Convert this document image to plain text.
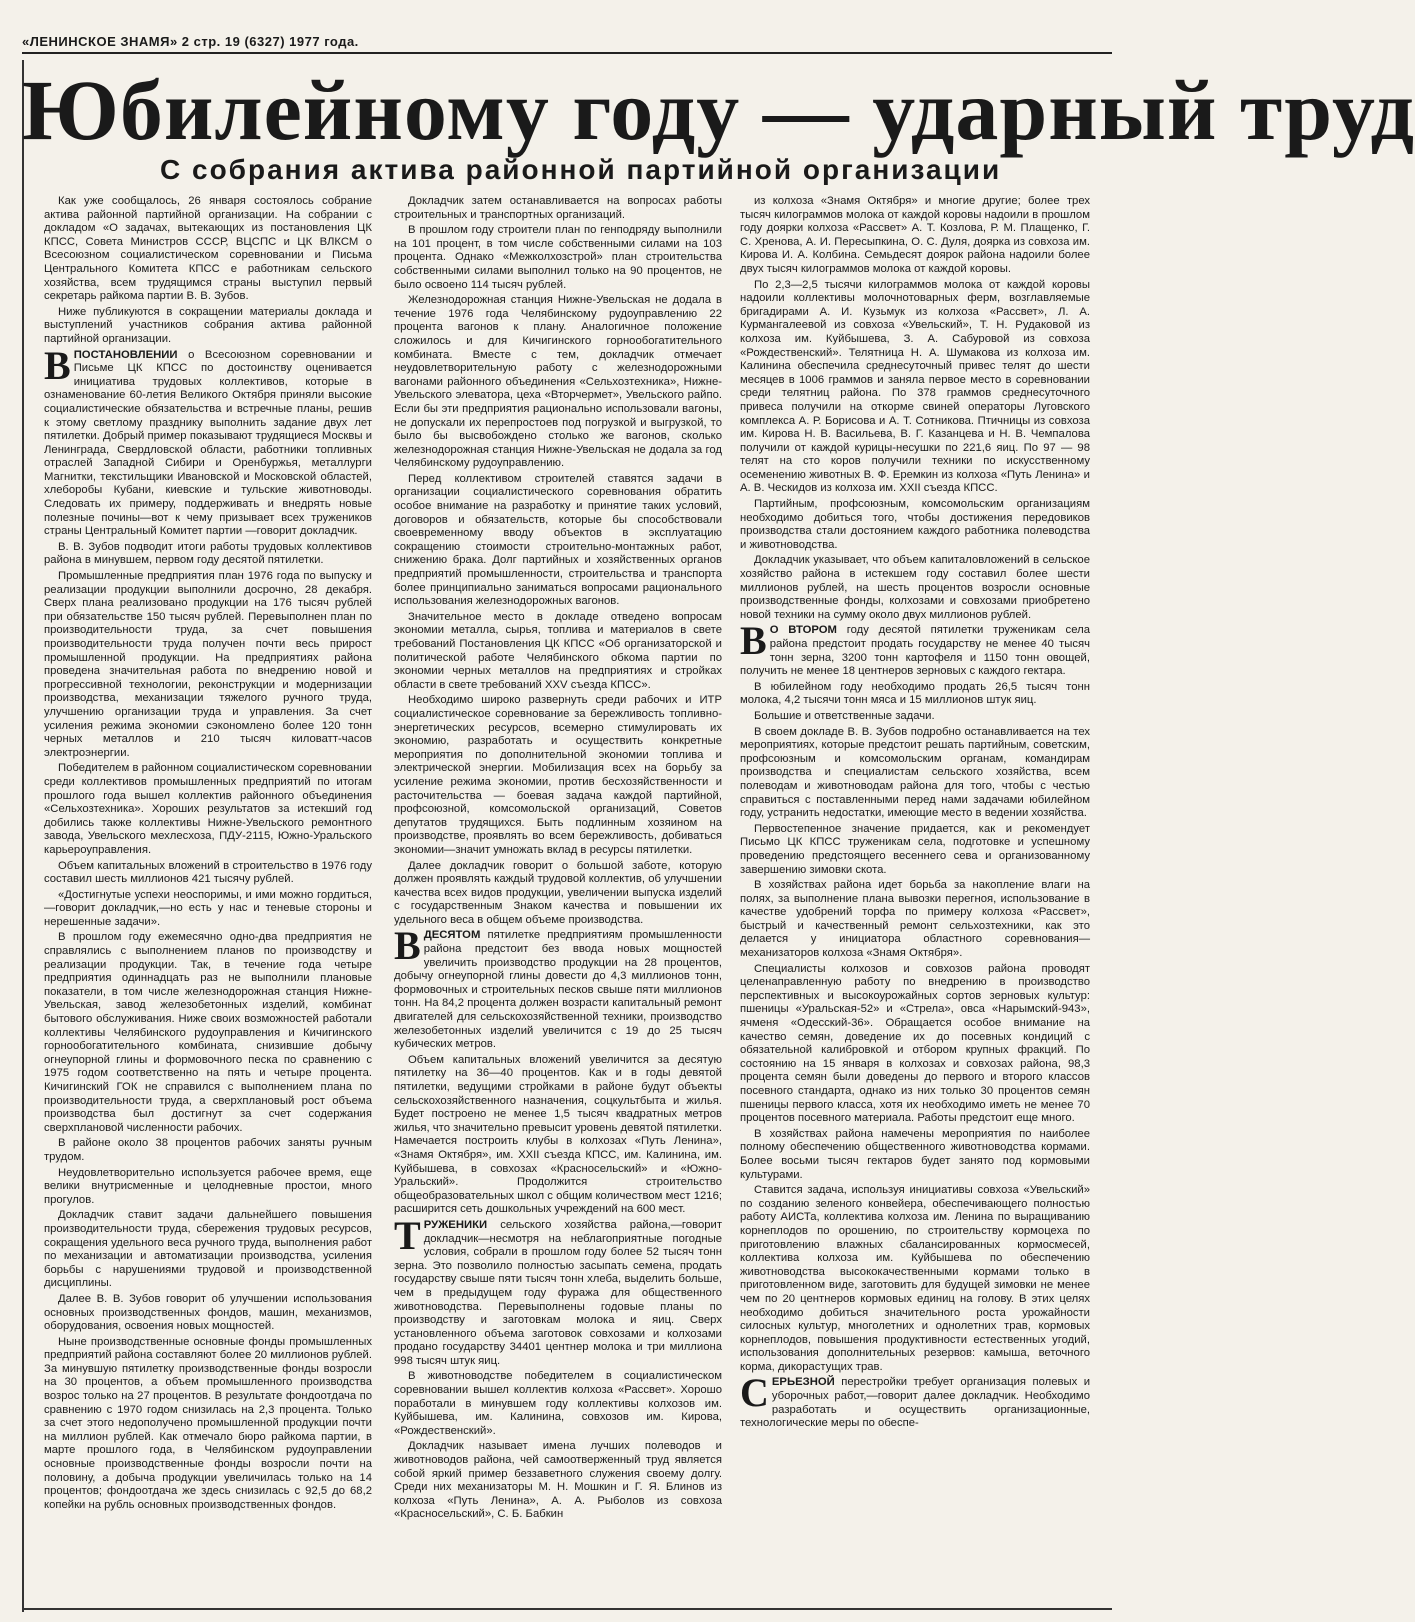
«ЛЕНИНСКОЕ ЗНАМЯ» 2 стр. 19 (6327) 1977 года.
Юбилейному году — ударный труд
С собрания актива районной партийной организации

Как уже сообщалось, 26 января состоялось собрание актива районной партийной организации. На собрании с докладом «О задачах, вытекающих из постановления ЦК КПСС, Совета Министров СССР, ВЦСПС и ЦК ВЛКСМ о Всесоюзном социалистическом соревновании и Письма Центрального Комитета КПСС е работникам сельского хозяйства, всем трудящимся страны выступил первый секретарь райкома партии В. В. Зубов.

Ниже публикуются в сокращении материалы доклада и выступлений участников собрания актива районной партийной организации.

ВПОСТАНОВЛЕНИИ о Всесоюзном соревновании и Письме ЦК КПСС по достоинству оценивается инициатива трудовых коллективов, которые в ознаменование 60-летия Великого Октября приняли высокие социалистические обязательства и встречные планы, решив к этому светлому празднику выполнить задание двух лет пятилетки. Добрый пример показывают трудящиеся Москвы и Ленинграда, Свердловской области, работники топливных отраслей Западной Сибири и Оренбуржья, металлурги Магнитки, текстильщики Ивановской и Московской областей, хлеборобы Кубани, киевские и тульские животноводы. Следовать их примеру, поддерживать и внедрять новые полезные почины—вот к чему призывает всех тружеников страны Центральный Комитет партии —говорит докладчик.

В. В. Зубов подводит итоги работы трудовых коллективов района в минувшем, первом году десятой пятилетки.

Промышленные предприятия план 1976 года по выпуску и реализации продукции выполнили досрочно, 28 декабря. Сверх плана реализовано продукции на 176 тысяч рублей при обязательстве 150 тысяч рублей. Перевыполнен план по производительности труда, за счет повышения производительности труда получен почти весь прирост промышленной продукции. На предприятиях района проведена значительная работа по внедрению новой и прогрессивной технологии, реконструкции и модернизации производства, механизации тяжелого ручного труда, улучшению организации труда и управления. За счет усиления режима экономии сэкономлено более 120 тонн черных металлов и 210 тысяч киловатт-часов электроэнергии.

Победителем в районном социалистическом соревновании среди коллективов промышленных предприятий по итогам прошлого года вышел коллектив районного объединения «Сельхозтехника». Хороших результатов за истекший год добились также коллективы Нижне-Увельского ремонтного завода, Увельского мехлесхоза, ПДУ-2115, Южно-Уральского карьероуправления.

Объем капитальных вложений в строительство в 1976 году составил шесть миллионов 421 тысячу рублей.

«Достигнутые успехи неоспоримы, и ими можно гордиться,—говорит докладчик,—но есть у нас и теневые стороны и нерешенные задачи».

В прошлом году ежемесячно одно-два предприятия не справлялись с выполнением планов по производству и реализации продукции. Так, в течение года четыре предприятия одиннадцать раз не выполнили плановые показатели, в том числе железнодорожная станция Нижне-Увельская, завод железобетонных изделий, комбинат бытового обслуживания. Ниже своих возможностей работали коллективы Челябинского рудоуправления и Кичигинского горнообогатительного комбината, снизившие добычу огнеупорной глины и формовочного песка по сравнению с 1975 годом соответственно на пять и четыре процента. Кичигинский ГОК не справился с выполнением плана по производительности труда, а сверхплановый рост объема производства был достигнут за счет содержания сверхплановой численности рабочих.

В районе около 38 процентов рабочих заняты ручным трудом.

Неудовлетворительно используется рабочее время, еще велики внутрисменные и целодневные простои, много прогулов.

Докладчик ставит задачи дальнейшего повышения производительности труда, сбережения трудовых ресурсов, сокращения удельного веса ручного труда, выполнения работ по механизации и автоматизации производства, усиления борьбы с нарушениями трудовой и производственной дисциплины.

Далее В. В. Зубов говорит об улучшении использования основных производственных фондов, машин, механизмов, оборудования, освоения новых мощностей.

Ныне производственные основные фонды промышленных предприятий района составляют более 20 миллионов рублей. За минувшую пятилетку производственные фонды возросли на 30 процентов, а объем промышленного производства возрос только на 27 процентов. В результате фондоотдача по сравнению с 1970 годом снизилась на 2,3 процента. Только за счет этого недополучено промышленной продукции почти на миллион рублей. Как отмечало бюро райкома партии, в марте прошлого года, в Челябинском рудоуправлении основные производственные фонды возросли почти на половину, а добыча продукции увеличилась только на 14 процентов; фондоотдача же здесь снизилась с 92,5 до 68,2 копейки на рубль основных производственных фондов.

Докладчик затем останавливается на вопросах работы строительных и транспортных организаций.

В прошлом году строители план по генподряду выполнили на 101 процент, в том числе собственными силами на 103 процента. Однако «Межколхозстрой» план строительства собственными силами выполнил только на 90 процентов, не было освоено 114 тысяч рублей.

Железнодорожная станция Нижне-Увельская не додала в течение 1976 года Челябинскому рудоуправлению 22 процента вагонов к плану. Аналогичное положение сложилось и для Кичигинского горнообогатительного комбината. Вместе с тем, докладчик отмечает неудовлетворительную работу с железнодорожными вагонами районного объединения «Сельхозтехника», Нижне-Увельского элеватора, цеха «Вторчермет», Увельского райпо. Если бы эти предприятия рационально использовали вагоны, не допускали их перепростоев под погрузкой и выгрузкой, то было бы высвобождено столько же вагонов, сколько железнодорожная станция Нижне-Увельская не додала за год Челябинскому рудоуправлению.

Перед коллективом строителей ставятся задачи в организации социалистического соревнования обратить особое внимание на разработку и принятие таких условий, договоров и обязательств, которые бы способствовали своевременному вводу объектов в эксплуатацию сокращению стоимости строительно-монтажных работ, снижению брака. Долг партийных и хозяйственных органов предприятий промышленности, строительства и транспорта более принципиально заниматься вопросами рационального использования железнодорожных вагонов.

Значительное место в докладе отведено вопросам экономии металла, сырья, топлива и материалов в свете требований Постановления ЦК КПСС «Об организаторской и политической работе Челябинского обкома партии по экономии черных металлов на предприятиях и стройках области в свете требований XXV съезда КПСС».

Необходимо широко развернуть среди рабочих и ИТР социалистическое соревнование за бережливость топливно-энергетических ресурсов, всемерно стимулировать их экономию, разработать и осуществить конкретные мероприятия по дополнительной экономии топлива и электрической энергии. Мобилизация всех на борьбу за усиление режима экономии, против бесхозяйственности и расточительства — боевая задача каждой партийной, профсоюзной, комсомольской организаций, Советов депутатов трудящихся. Быть подлинным хозяином на производстве, проявлять во всем бережливость, добиваться экономии—значит умножать вклад в ресурсы пятилетки.

Далее докладчик говорит о большой заботе, которую должен проявлять каждый трудовой коллектив, об улучшении качества всех видов продукции, увеличении выпуска изделий с государственным Знаком качества и повышении их удельного веса в общем объеме производства.

ВДЕСЯТОМ пятилетке предприятиям промышленности района предстоит без ввода новых мощностей увеличить производство продукции на 28 процентов, добычу огнеупорной глины довести до 4,3 миллионов тонн, формовочных и строительных песков свыше пяти миллионов тонн. На 84,2 процента должен возрасти капитальный ремонт двигателей для сельскохозяйственной техники, производство железобетонных изделий увеличится с 19 до 25 тысяч кубических метров.

Объем капитальных вложений увеличится за десятую пятилетку на 36—40 процентов. Как и в годы девятой пятилетки, ведущими стройками в районе будут объекты сельскохозяйственного назначения, соцкультбыта и жилья. Будет построено не менее 1,5 тысяч квадратных метров жилья, что значительно превысит уровень девятой пятилетки. Намечается построить клубы в колхозах «Путь Ленина», «Знамя Октября», им. XXII съезда КПСС, им. Калинина, им. Куйбышева, в совхозах «Красносельский» и «Южно-Уральский». Продолжится строительство общеобразовательных школ с общим количеством мест 1216; расширится сеть дошкольных учреждений на 600 мест.

ТРУЖЕНИКИ сельского хозяйства района,—говорит докладчик—несмотря на неблагоприятные погодные условия, собрали в прошлом году более 52 тысяч тонн зерна. Это позволило полностью засыпать семена, продать государству свыше пяти тысяч тонн хлеба, выделить больше, чем в предыдущем году фуража для общественного животноводства. Перевыполнены годовые планы по производству и заготовкам молока и яиц. Сверх установленного объема заготовок совхозами и колхозами продано государству 34401 центнер молока и три миллиона 998 тысяч штук яиц.

В животноводстве победителем в социалистическом соревновании вышел коллектив колхоза «Рассвет». Хорошо поработали в минувшем году коллективы колхозов им. Куйбышева, им. Калинина, совхозов им. Кирова, «Рождественский».

Докладчик называет имена лучших полеводов и животноводов района, чей самоотверженный труд является собой яркий пример беззаветного служения своему долгу. Среди них механизаторы М. Н. Мошкин и Г. Я. Блинов из колхоза «Путь Ленина», А. А. Рыболов из совхоза «Красносельский», С. Б. Бабкин

из колхоза «Знамя Октября» и многие другие; более трех тысяч килограммов молока от каждой коровы надоили в прошлом году доярки колхоза «Рассвет» А. Т. Козлова, Р. М. Плащенко, Г. С. Хренова, А. И. Пересыпкина, О. С. Дуля, доярка из совхоза им. Кирова И. А. Колбина. Семьдесят доярок района надоили более двух тысяч килограммов молока от каждой коровы.

По 2,3—2,5 тысячи килограммов молока от каждой коровы надоили коллективы молочнотоварных ферм, возглавляемые бригадирами А. И. Кузьмук из колхоза «Рассвет», Л. А. Курмангалеевой из совхоза «Увельский», Т. Н. Рудаковой из колхоза им. Куйбышева, З. А. Сабуровой из совхоза «Рождественский». Телятница Н. А. Шумакова из колхоза им. Калинина обеспечила среднесуточный привес телят до шести месяцев в 1006 граммов и заняла первое место в соревновании среди телятниц района. По 378 граммов среднесуточного привеса получили на откорме свиней операторы Луговского комплекса А. Р. Борисова и А. Т. Сотникова. Птичницы из совхоза им. Кирова Н. В. Васильева, В. Г. Казанцева и Н. В. Чемпалова получили от каждой курицы-несушки по 221,6 яиц. По 97 — 98 телят на сто коров получили техники по искусственному осеменению животных В. Ф. Еремкин из колхоза «Путь Ленина» и А. В. Ческидов из колхоза им. XXII съезда КПСС.

Партийным, профсоюзным, комсомольским организациям необходимо добиться того, чтобы достижения передовиков производства стали достоянием каждого работника полеводства и животноводства.

Докладчик указывает, что объем капиталовложений в сельское хозяйство района в истекшем году составил более шести миллионов рублей, на шесть процентов возросли основные производственные фонды, колхозами и совхозами приобретено новой техники на сумму около двух миллионов рублей.

В О ВТОРОМ году десятой пятилетки труженикам села района предстоит продать государству не менее 40 тысяч тонн зерна, 3200 тонн картофеля и 1150 тонн овощей, получить не менее 18 центнеров зерновых с каждого гектара.

В юбилейном году необходимо продать 26,5 тысяч тонн молока, 4,2 тысячи тонн мяса и 15 миллионов штук яиц.

Большие и ответственные задачи.

В своем докладе В. В. Зубов подробно останавливается на тех мероприятиях, которые предстоит решать партийным, советским, профсоюзным и комсомольским органам, командирам производства и специалистам сельского хозяйства, всем полеводам и животноводам района для того, чтобы с честью справиться с поставленными перед нами задачами юбилейном году, устранить недостатки, имеющие место в ведении хозяйства.

Первостепенное значение придается, как и рекомендует Письмо ЦК КПСС труженикам села, подготовке и успешному проведению предстоящего весеннего сева и организованному завершению зимовки скота.

В хозяйствах района идет борьба за накопление влаги на полях, за выполнение плана вывозки перегноя, использование в качестве удобрений торфа по примеру колхоза «Рассвет», быстрый и качественный ремонт сельхозтехники, как это делается у инициатора областного соревнования—механизаторов колхоза «Знамя Октября».

Специалисты колхозов и совхозов района проводят целенаправленную работу по внедрению в производство перспективных и высокоурожайных сортов зерновых культур: пшеницы «Уральская-52» и «Стрела», овса «Нарымский-943», ячменя «Одесский-36». Обращается особое внимание на качество семян, доведение их до посевных кондиций с обязательной калибровкой и отбором крупных фракций. По состоянию на 15 января в колхозах и совхозах района, 98,3 процента семян были доведены до первого и второго классов посевного стандарта, однако из них только 30 процентов семян пшеницы первого класса, хотя их необходимо иметь не менее 70 процентов посевного материала. Работы предстоит еще много.

В хозяйствах района намечены мероприятия по наиболее полному обеспечению общественного животноводства кормами. Более восьми тысяч гектаров будет занято под кормовыми культурами.

Ставится задача, используя инициативы совхоза «Увельский» по созданию зеленого конвейера, обеспечивающего полностью работу АИСТа, коллектива колхоза им. Ленина по выращиванию корнеплодов по орошению, по строительству кормоцеха по приготовлению влажных сбалансированных кормосмесей, коллектива колхоза им. Куйбышева по обеспечению животноводства высококачественными кормами только в приготовленном виде, заготовить для будущей зимовки не менее чем по 20 центнеров кормовых единиц на голову. В этих целях необходимо добиться значительного роста урожайности силосных культур, многолетних и однолетних трав, кормовых корнеплодов, повышения продуктивности естественных угодий, использования дополнительных резервов: камыша, веточного корма, дикорастущих трав.

СЕРЬЕЗНОЙ перестройки требует организация полевых и уборочных работ,—говорит далее докладчик. Необходимо разработать и осуществить организационные, технологические меры по обеспе-
